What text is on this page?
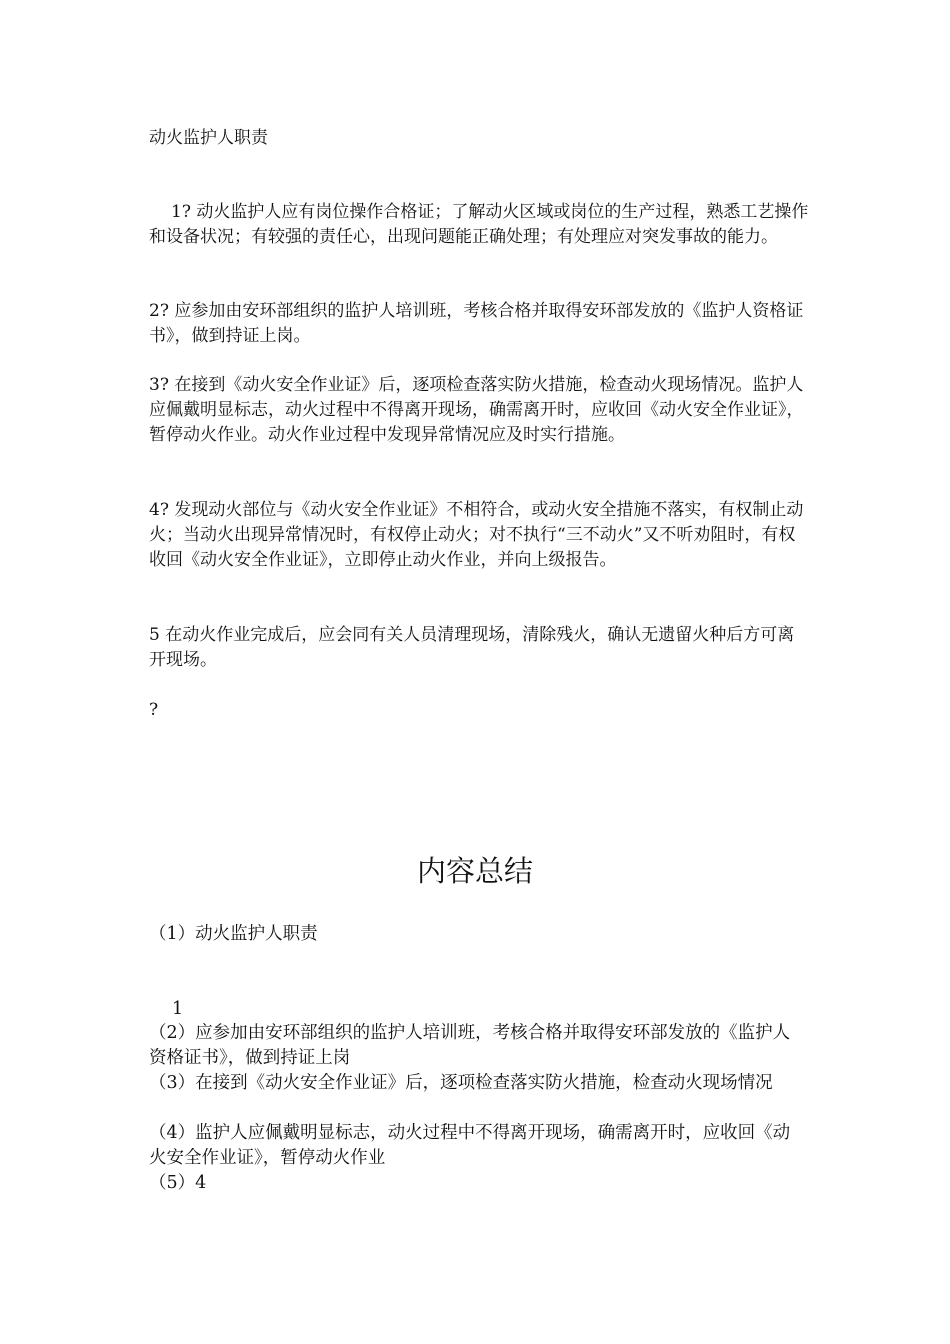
动火监护人职责

1? 动火监护人应有岗位操作合格证；了解动火区域或岗位的生产过程，熟悉工艺操作和设备状况；有较强的责任心，出现问题能正确处理；有处理应对突发事故的能力。

2? 应参加由安环部组织的监护人培训班，考核合格并取得安环部发放的《监护人资格证书》，做到持证上岗。

3? 在接到《动火安全作业证》后，逐项检查落实防火措施，检查动火现场情况。监护人应佩戴明显标志，动火过程中不得离开现场，确需离开时，应收回《动火安全作业证》，暂停动火作业。动火作业过程中发现异常情况应及时实行措施。

4? 发现动火部位与《动火安全作业证》不相符合，或动火安全措施不落实，有权制止动火；当动火出现异常情况时，有权停止动火；对不执行“三不动火”又不听劝阻时，有权收回《动火安全作业证》，立即停止动火作业，并向上级报告。

5 在动火作业完成后，应会同有关人员清理现场，清除残火，确认无遗留火种后方可离开现场。

?

内容总结

（1）动火监护人职责

1

（2）应参加由安环部组织的监护人培训班，考核合格并取得安环部发放的《监护人资格证书》，做到持证上岗

（3）在接到《动火安全作业证》后，逐项检查落实防火措施，检查动火现场情况

（4）监护人应佩戴明显标志，动火过程中不得离开现场，确需离开时，应收回《动火安全作业证》，暂停动火作业

（5）4
